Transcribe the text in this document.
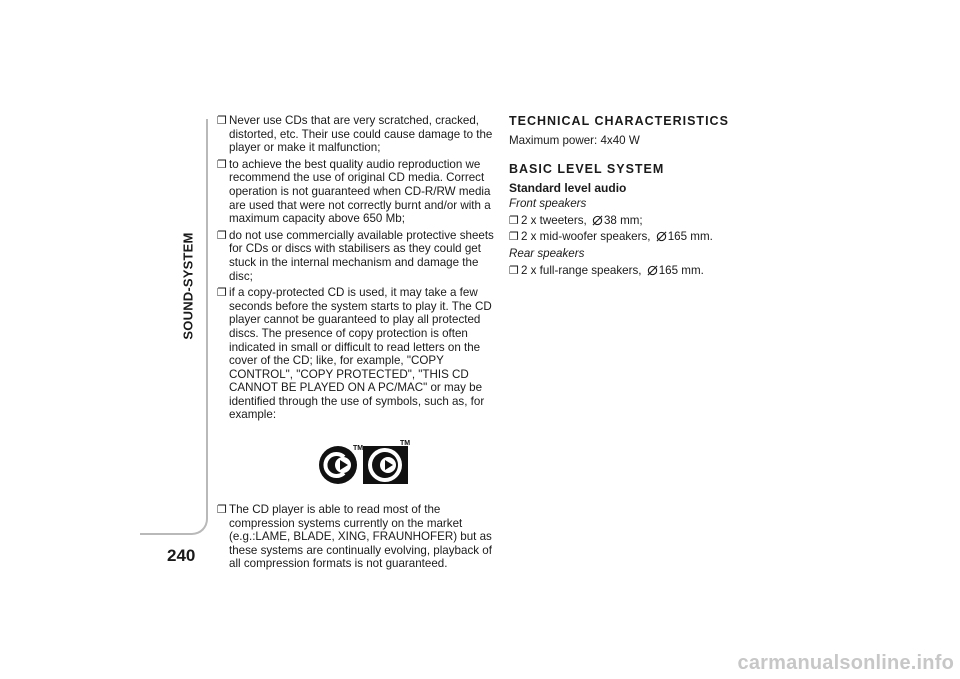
SOUND-SYSTEM
240
❐ Never use CDs that are very scratched, cracked, distorted, etc. Their use could cause damage to the player or make it malfunction;
❐ to achieve the best quality audio reproduction we recommend the use of original CD media. Correct operation is not guaranteed when CD-R/RW media are used that were not correctly burnt and/or with a maximum capacity above 650 Mb;
❐ do not use commercially available protective sheets for CDs or discs with stabilisers as they could get stuck in the internal mechanism and damage the disc;
❐ if a copy-protected CD is used, it may take a few seconds before the system starts to play it. The CD player cannot be guaranteed to play all protected discs. The presence of copy protection is often indicated in small or difficult to read letters on the cover of the CD; like, for example, "COPY CONTROL", "COPY PROTECTED", "THIS CD CANNOT BE PLAYED ON A PC/MAC" or may be identified through the use of symbols, such as, for example:
TM
TM
❐ The CD player is able to read most of the compression systems currently on the market (e.g.:LAME, BLADE, XING, FRAUNHOFER) but as these systems are continually evolving, playback of all compression formats is not guaranteed.
TECHNICAL CHARACTERISTICS
Maximum power: 4x40 W
BASIC LEVEL SYSTEM
Standard level audio
Front speakers
❐ 2 x tweeters, 38 mm;
❐ 2 x mid-woofer speakers, 165 mm.
Rear speakers
❐ 2 x full-range speakers, 165 mm.
carmanualsonline.info
